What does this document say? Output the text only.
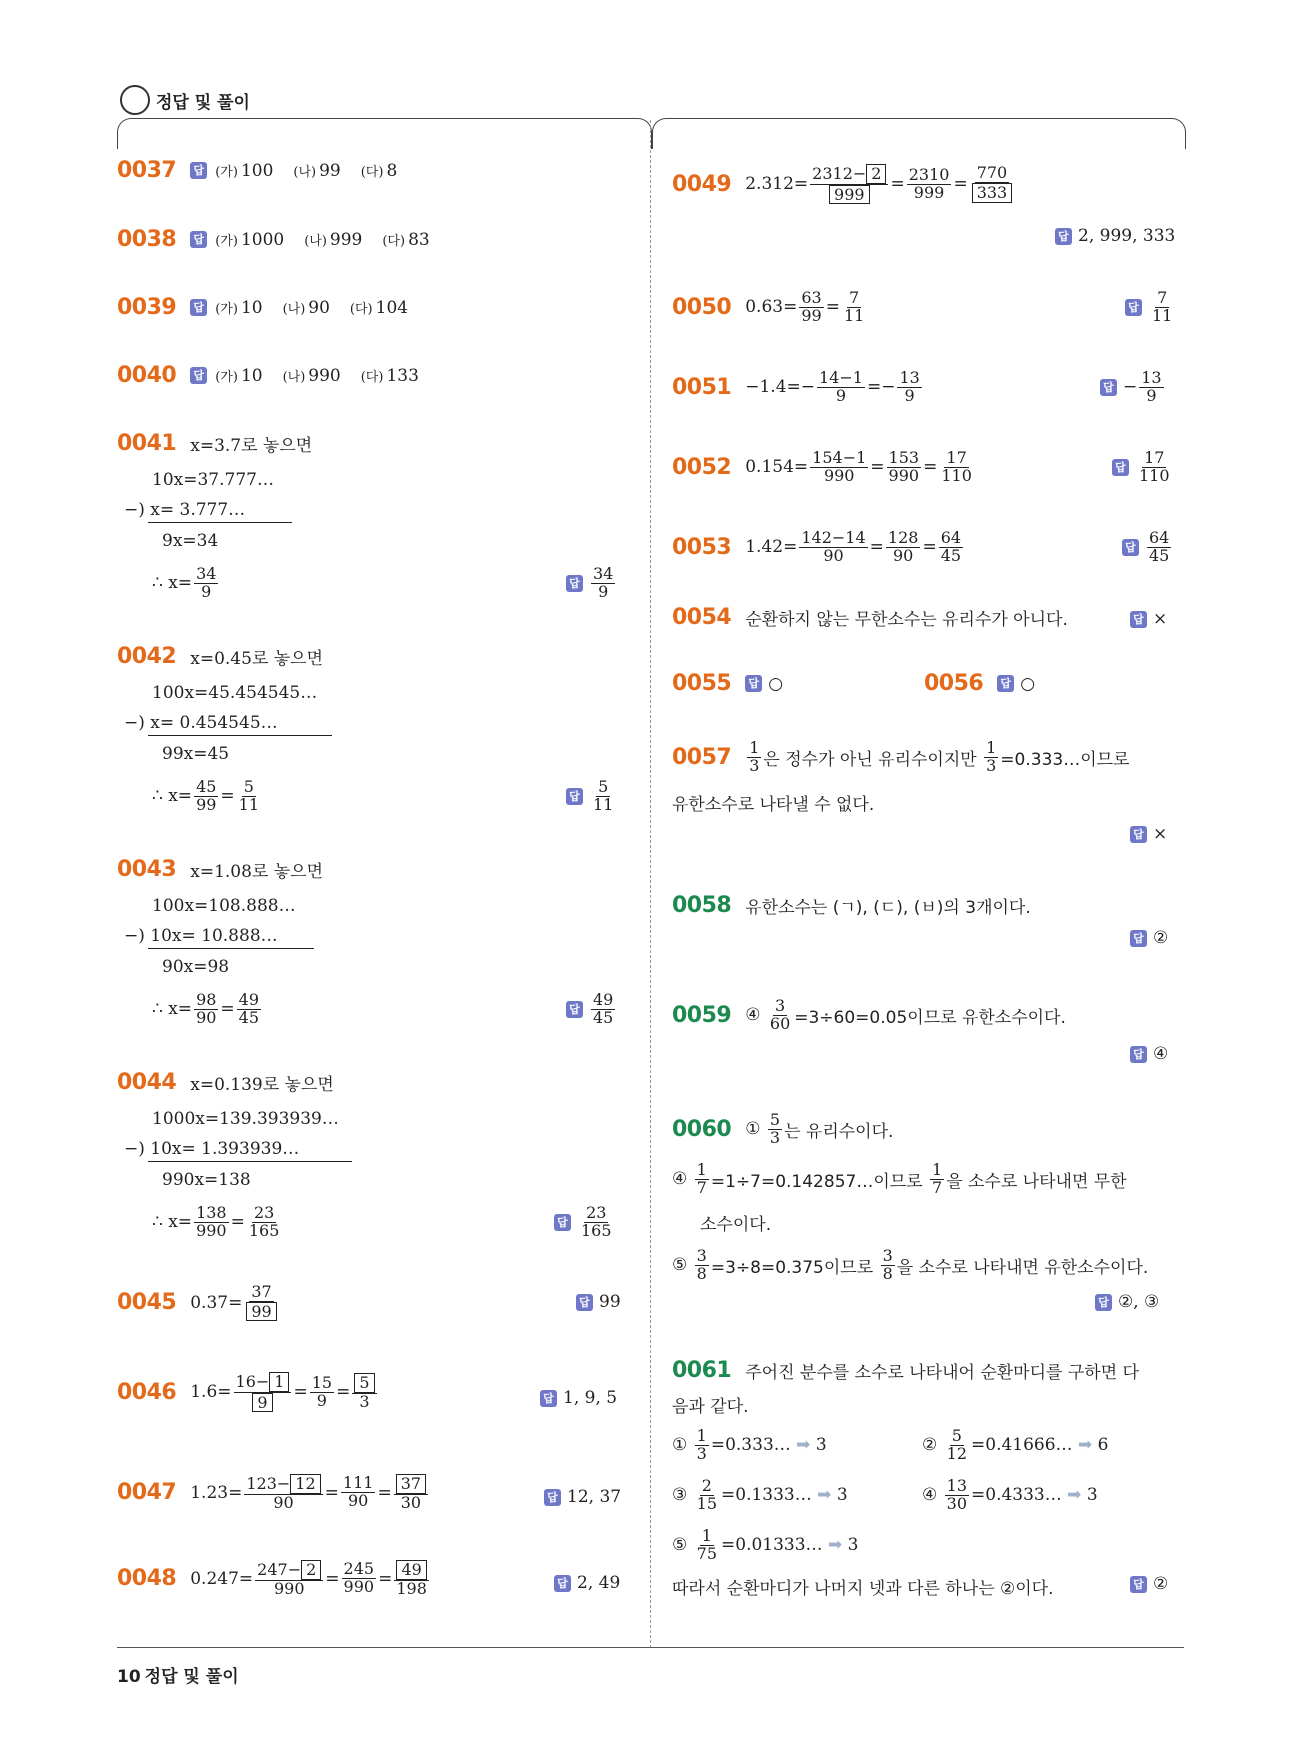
정답 및 풀이
0037 답 (가) 100 (나) 99 (다) 8
0038 답 (가) 1000 (나) 999 (다) 83
0039 답 (가) 10 (나) 90 (다) 104
0040 답 (가) 10 (나) 990 (다) 133
0041 x=3.7로 놓으면
10x=37.777…
−) x= 3.777…
9x=34
∴ $x= \frac{34}{9}$	답 $\frac{34}{9}$
0042 x=0.45로 놓으면
100x=45.454545…
−) x= 0.454545…
99x=45
∴ $x= \frac{45}{99} = \frac{5}{11}$	답 $\frac{5}{11}$
0043 x=1.08로 놓으면
100x=108.888…
−) 10x= 10.888…
90x=98
∴ $x= \frac{98}{90} = \frac{49}{45}$	답 $\frac{49}{45}$
0044 x=0.139로 놓으면
1000x=139.393939…
−) 10x= 1.393939…
990x=138
∴ $x= \frac{138}{990} = \frac{23}{165}$	답 $\frac{23}{165}$
0045 $0.37= \frac{37}{99}$	답 99
0046 $1.6= \frac{16- 1}{9} = \frac{15}{9} = \frac{5}{3}$	답 1, 9, 5
0047 $1.23= \frac{123- 12}{90} = \frac{111}{90} = \frac{37}{30}$	답 12, 37
0048 $0.247= \frac{247- 2}{990} = \frac{245}{990} = \frac{49}{198}$	답 2, 49
0049 $2.312= \frac{2312- 2}{999} = \frac{2310}{999} = \frac{770}{333}$
답 2, 999, 333
0050 $0.63= \frac{63}{99} = \frac{7}{11}$	답 $\frac{7}{11}$
$0051 -1.4=- \frac{14-1}{9} =- \frac{13}{9}$	답 − $\frac{13}{9}$
0052 $0.154= \frac{154-1}{990} = \frac{153}{990} = \frac{17}{110}$	답 $\frac{17}{110}$
0053 $1.42= \frac{142-14}{90} = \frac{128}{90} = \frac{64}{45}$	답 $\frac{64}{45}$
0054 순환하지 않는 무한소수는 유리수가 아니다.	답 ×
0055 답 ○	0056 답 ○
$0057 \frac{1}{3}$ 은 정수가 아닌 유리수이지만
$\frac{1}{3}$ =0.333…이므로
유한소수로 나타낼 수 없다.
답 ×
0058 유한소수는 (ㄱ), (ㄷ), (ㅂ)의 3개이다.
답 ②
0059 ④
$\frac{3}{60} =3\div 60=0.05$이므로 유한소수이다.
답 ④
0060 ①
$\frac{5}{3}$ 는 유리수이다.
④
$\frac{1}{7}$ =1÷7=0.142857…이므로
$\frac{1}{7}$ 을 소수로 나타내면 무한
소수이다.
⑤
$\frac{3}{8} =3\div 8=0.375$이므로
$\frac{3}{8}$ 을 소수로 나타내면 유한소수이다.
답 ②, ③
0061 주어진 분수를 소수로 나타내어 순환마디를 구하면 다
음과 같다.
①
$\frac{1}{3}$ =0.333…
➡
3	②
$\frac{5}{12}$ =0.41666…
➡
6
③
$\frac{2}{15}$ =0.1333…
➡
3	④
$\frac{13}{30}$ =0.4333…
➡
3
⑤
$\frac{1}{75}$ =0.01333…
➡
3
따라서 순환마디가 나머지 넷과 다른 하나는 ②이다.	답 ②
10 정답 및 풀이
